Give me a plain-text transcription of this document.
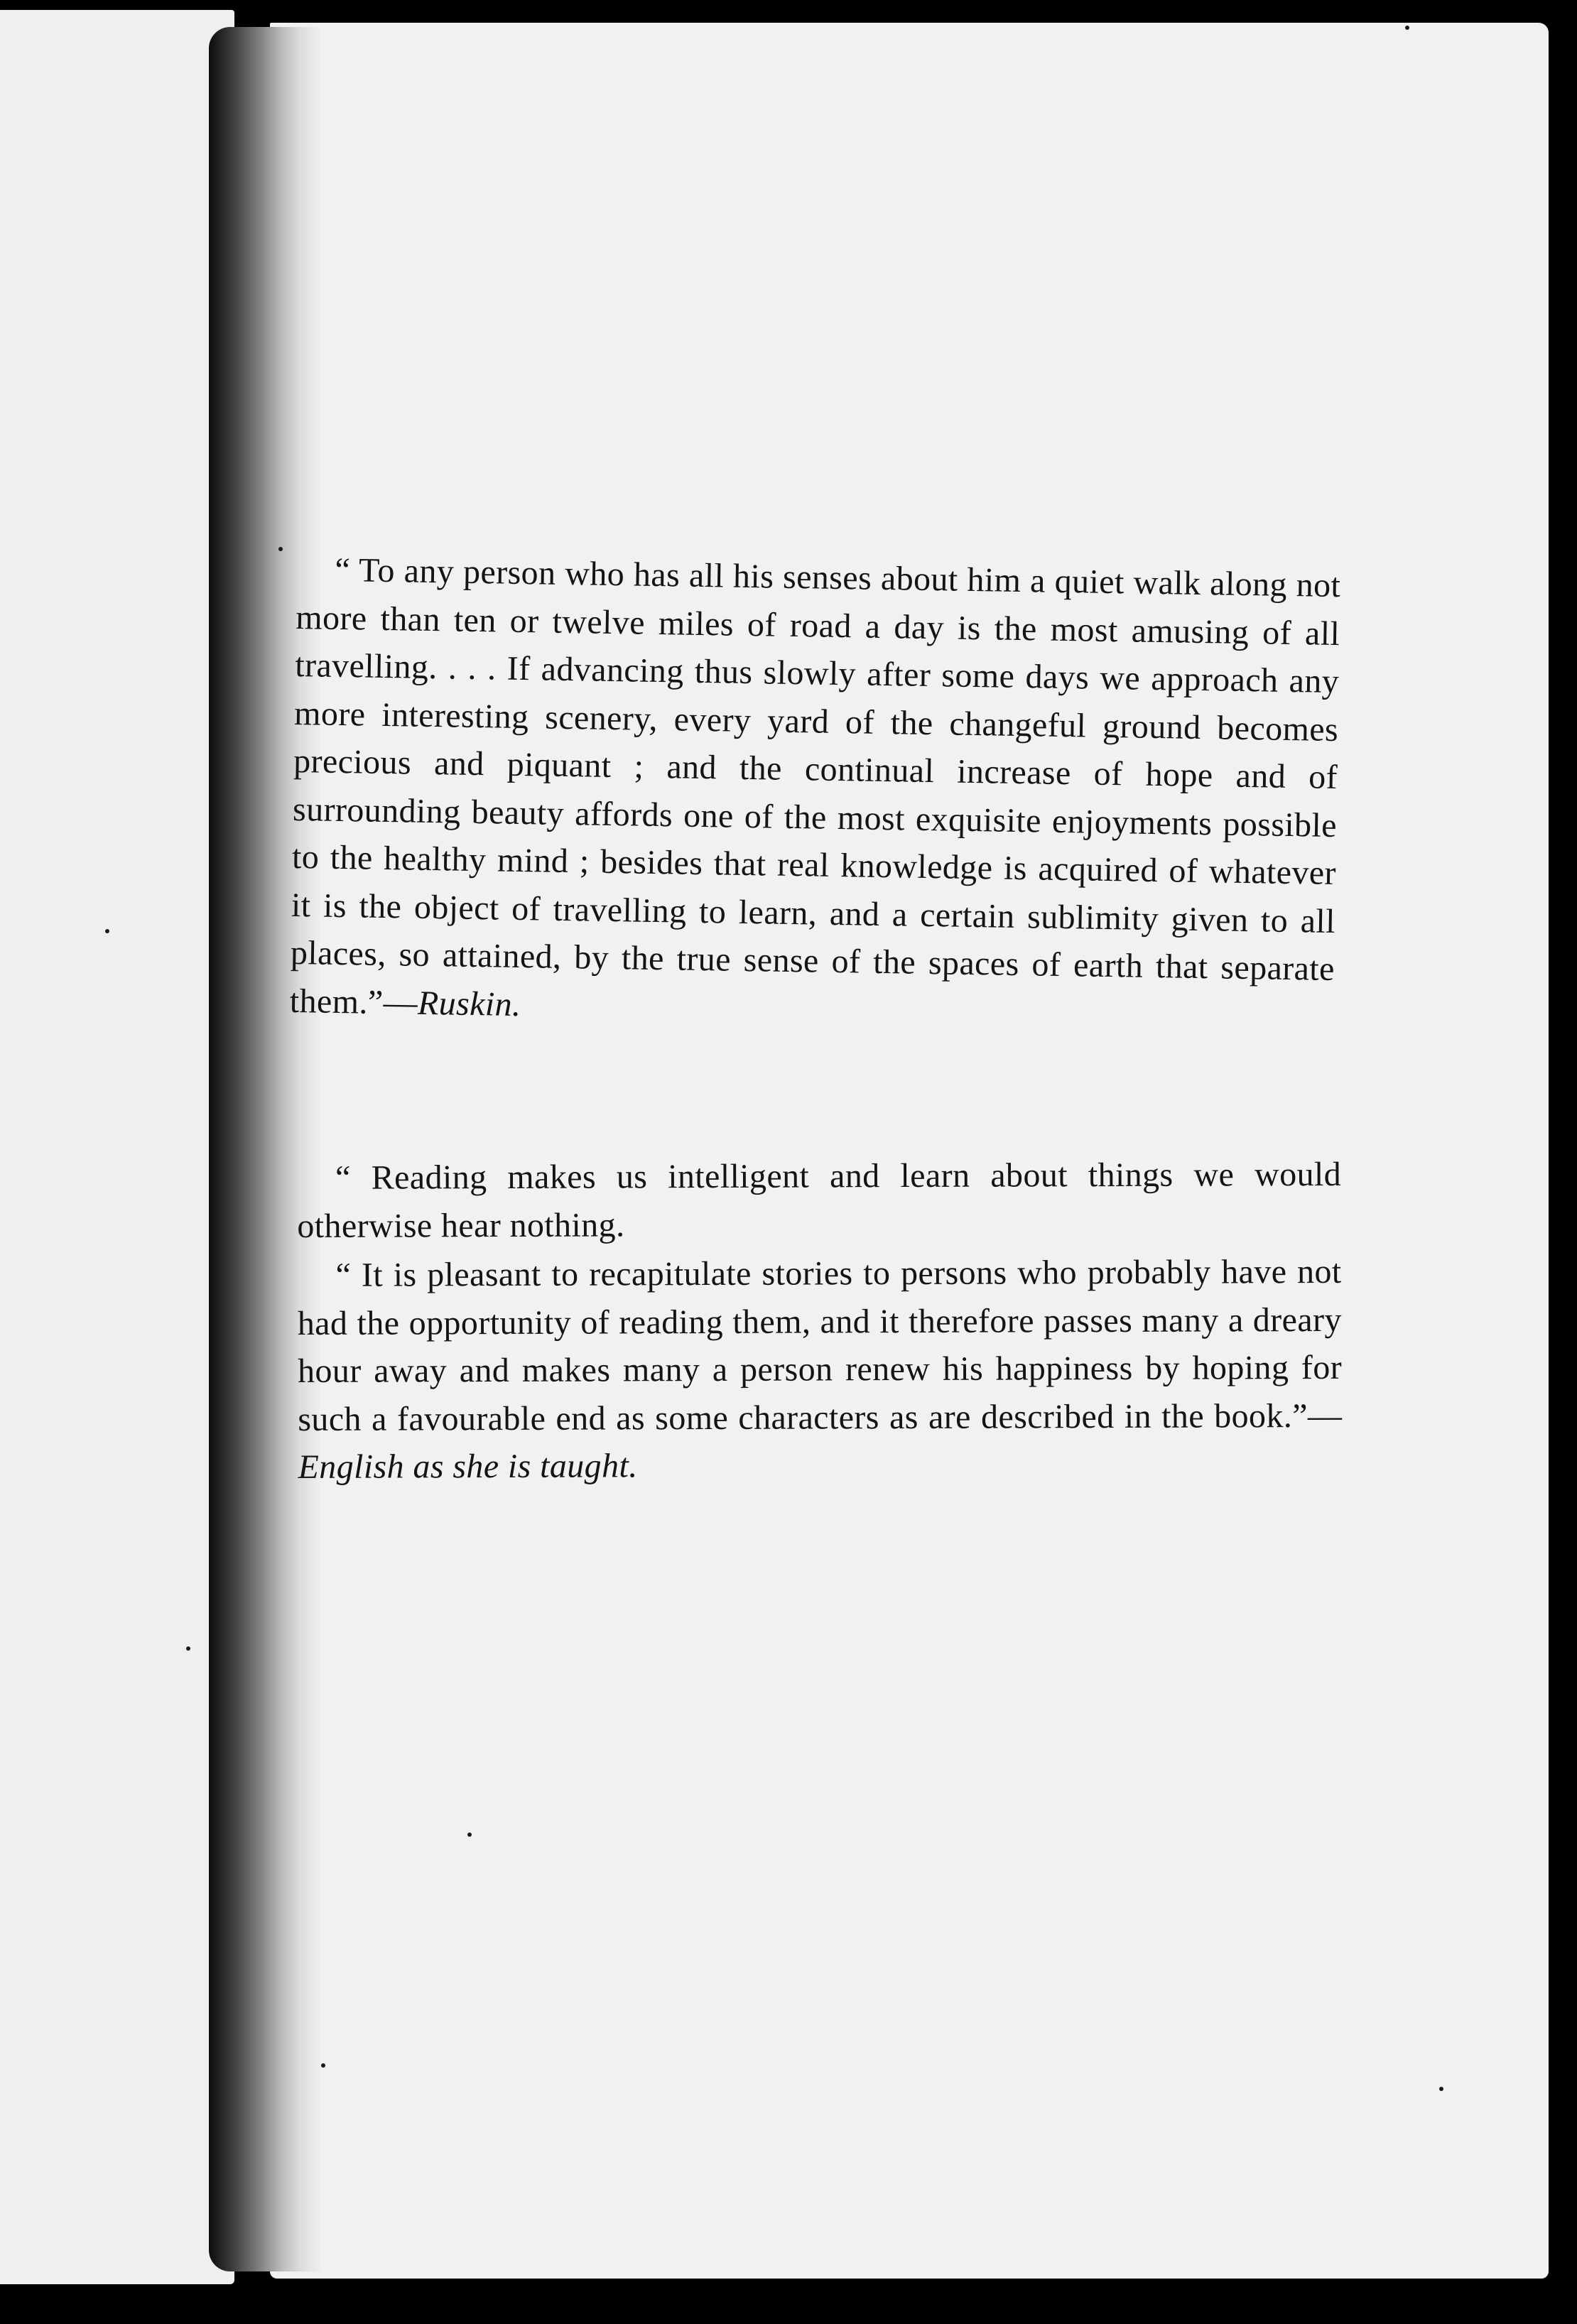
“ To any person who has all his senses about him a quiet walk along not more than ten or twelve miles of road a day is the most amusing of all travelling. . . . If advancing thus slowly after some days we approach any more interesting scenery, every yard of the changeful ground becomes precious and piquant ; and the continual increase of hope and of surrounding beauty affords one of the most exquisite enjoyments possible to the healthy mind ; besides that real knowledge is acquired of whatever it is the object of travelling to learn, and a certain sublimity given to all places, so attained, by the true sense of the spaces of earth that separate them.”—Ruskin.

“ Reading makes us intelligent and learn about things we would otherwise hear nothing.

“ It is pleasant to recapitulate stories to persons who probably have not had the opportunity of reading them, and it therefore passes many a dreary hour away and makes many a person renew his happiness by hoping for such a favourable end as some characters as are described in the book.”—English as she is taught.
